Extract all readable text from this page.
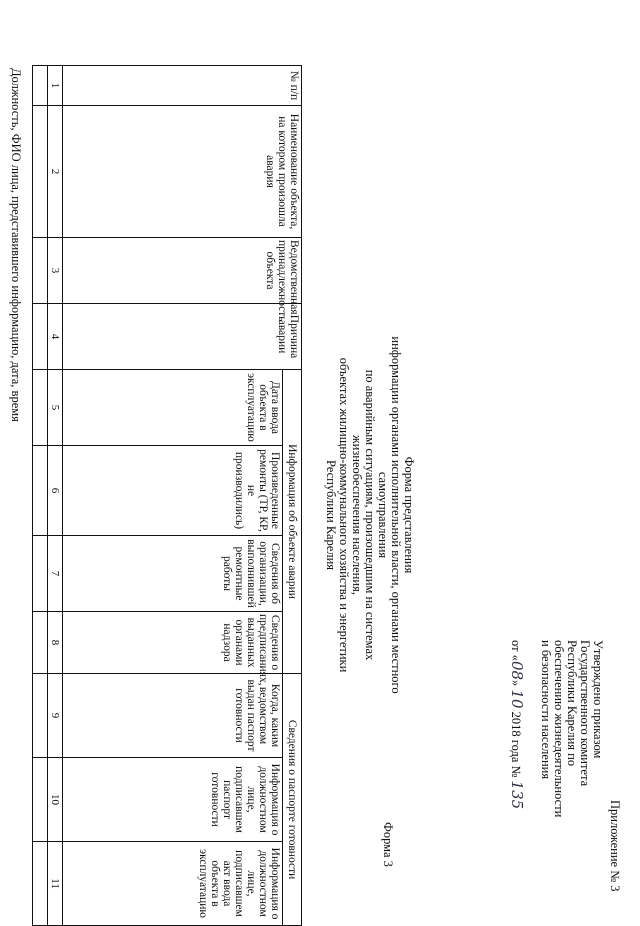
Приложение № 3
Утверждено приказом
Государственного комитета
Республики Карелия по
обеспечению жизнедеятельности
и безопасности населения
от «08» 10 2018 года № 135
Форма 3
Форма представления
информации органами исполнительной власти, органами местного самоуправления
по аварийным ситуациям, произошедшим на системах жизнеобеспечения населения,
объектах жилищно-коммунального хозяйства и энергетики
Республики Карелия
№ п/п	Наименование объекта, на котором произошла авария	Ведомственная принадлежность объекта	Причина аварии	Информация об объекте аварии				Сведения о паспорте готовности		
				Дата ввода объекта в эксплуатацию	Произведенные ремонты (ТР, КР, не производились)	Сведения об организации, выполнившей ремонтные работы	Сведения о предписаниях, выданных органами надзора	Когда, каким ведомством выдан паспорт готовности	Информация о должностном лице, подписавшем паспорт готовности	Информация о должностном лице, подписавшем акт ввода объекта в эксплуатацию
1	2	3	4	5	6	7	8	9	10	11

Должность, ФИО лица, представившего информацию, дата, время
